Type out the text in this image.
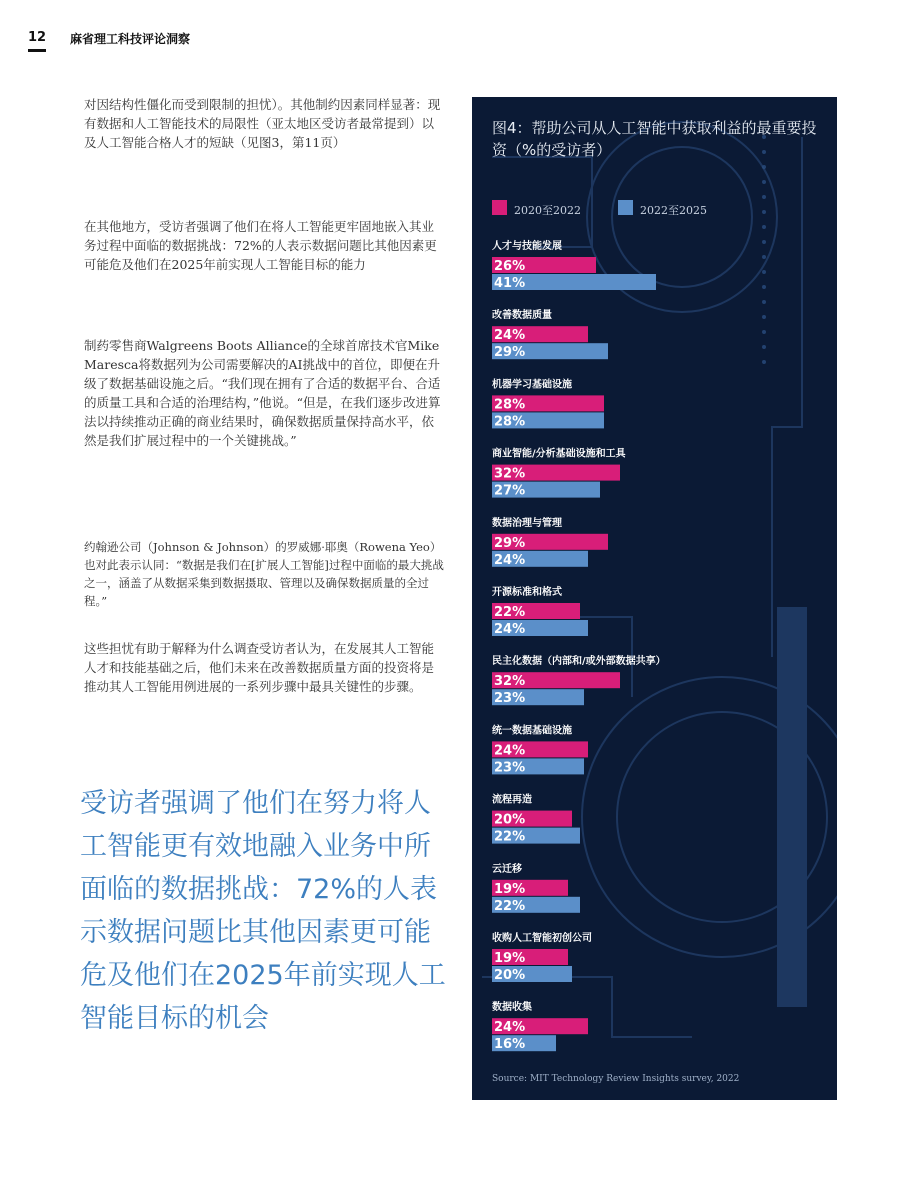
12 麻省理工科技评论洞察

对因结构性僵化而受到限制的担忧）。其他制约因素同样显著：现有数据和人工智能技术的局限性（亚太地区受访者最常提到）以及人工智能合格人才的短缺（见图3，第11页）

在其他地方，受访者强调了他们在将人工智能更牢固地嵌入其业务过程中面临的数据挑战：72%的人表示数据问题比其他因素更可能危及他们在2025年前实现人工智能目标的能力

制药零售商Walgreens Boots Alliance的全球首席技术官Mike Maresca将数据列为公司需要解决的AI挑战中的首位，即便在升级了数据基础设施之后。“我们现在拥有了合适的数据平台、合适的质量工具和合适的治理结构，”他说。“但是，在我们逐步改进算法以持续推动正确的商业结果时，确保数据质量保持高水平，依然是我们扩展过程中的一个关键挑战。”

约翰逊公司（Johnson & Johnson）的罗威娜·耶奥（Rowena Yeo）也对此表示认同：“数据是我们在[扩展人工智能]过程中面临的最大挑战之一，涵盖了从数据采集到数据摄取、管理以及确保数据质量的全过程。”

这些担忧有助于解释为什么调查受访者认为，在发展其人工智能人才和技能基础之后，他们未来在改善数据质量方面的投资将是推动其人工智能用例进展的一系列步骤中最具关键性的步骤。

受访者强调了他们在努力将人工智能更有效地融入业务中所面临的数据挑战：72%的人表示数据问题比其他因素更可能危及他们在2025年前实现人工智能目标的机会

图4：帮助公司从人工智能中获取利益的最重要投资（%的受访者）
2020至2022	2022至2025
人才与技能发展
26%
41%
改善数据质量
24%
29%
机器学习基础设施
28%
28%
商业智能/分析基础设施和工具
32%
27%
数据治理与管理
29%
24%
开源标准和格式
22%
24%
民主化数据（内部和/或外部数据共享）
32%
23%
统一数据基础设施
24%
23%
流程再造
20%
22%
云迁移
19%
22%
收购人工智能初创公司
19%
20%
数据收集
24%
16%
Source: MIT Technology Review Insights survey, 2022
